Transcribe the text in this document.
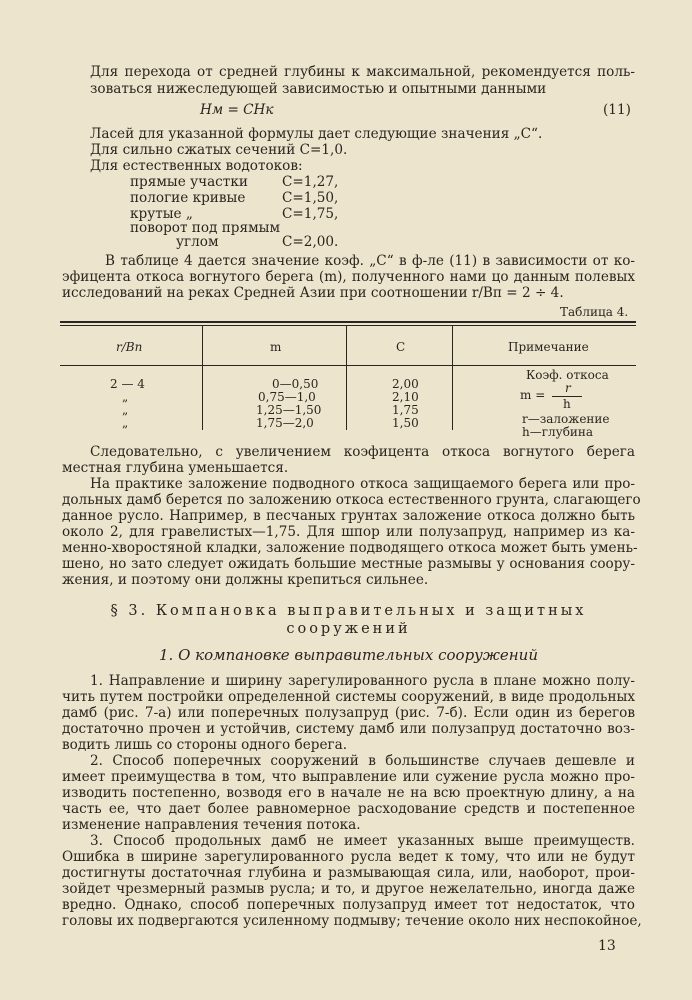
Для перехода от средней глубины к максимальной, рекомендуется поль-
зоваться нижеследующей зависимостью и опытными данными
Hм = CHк	(11)
Ласей для указанной формулы дает следующие значения „C“.
Для сильно сжатых сечений C=1,0.
Для естественных водотоков:
прямые участки	C=1,27,
пологие кривые	C=1,50,
крутые „	C=1,75,
поворот под прямым
углом	C=2,00.
В таблице 4 дается значение коэф. „C“ в ф-ле (11) в зависимости от ко-
эфицента откоса вогнутого берега (m), полученного нами цо данным полевых
исследований на реках Средней Азии при соотношении r/Bп = 2 ÷ 4.
Таблица 4.
r/Bп	m	C	Примечание
2 — 4	0—0,50	2,00
„	0,75—1,0	2,10
„	1,25—1,50	1,75
„	1,75—2,0	1,50
Коэф. откоса
r
m =
h
r—заложение
h—глубина
Следовательно, с увеличением коэфицента откоса вогнутого берега
местная глубина уменьшается.
На практике заложение подводного откоса защищаемого берега или про-
дольных дамб берется по заложению откоса естественного грунта, слагающего
данное русло. Например, в песчаных грунтах заложение откоса должно быть
около 2, для гравелистых—1,75. Для шпор или полузапруд, например из ка-
менно-хворостяной кладки, заложение подводящего откоса может быть умень-
шено, но зато следует ожидать большие местные размывы у основания соору-
жения, и поэтому они должны крепиться сильнее.
§ 3. Компановка выправительных и защитных
сооружений
1. О компановке выправительных сооружений
1. Направление и ширину зарегулированного русла в плане можно полу-
чить путем постройки определенной системы сооружений, в виде продольных
дамб (рис. 7-а) или поперечных полузапруд (рис. 7-б). Если один из берегов
достаточно прочен и устойчив, систему дамб или полузапруд достаточно воз-
водить лишь со стороны одного берега.
2. Способ поперечных сооружений в большинстве случаев дешевле и
имеет преимущества в том, что выправление или сужение русла можно про-
изводить постепенно, возводя его в начале не на всю проектную длину, а на
часть ее, что дает более равномерное расходование средств и постепенное
изменение направления течения потока.
3. Способ продольных дамб не имеет указанных выше преимуществ.
Ошибка в ширине зарегулированного русла ведет к тому, что или не будут
достигнуты достаточная глубина и размывающая сила, или, наоборот, прои-
зойдет чрезмерный размыв русла; и то, и другое нежелательно, иногда даже
вредно. Однако, способ поперечных полузапруд имеет тот недостаток, что
головы их подвергаются усиленному подмыву; течение около них неспокойное,
13
